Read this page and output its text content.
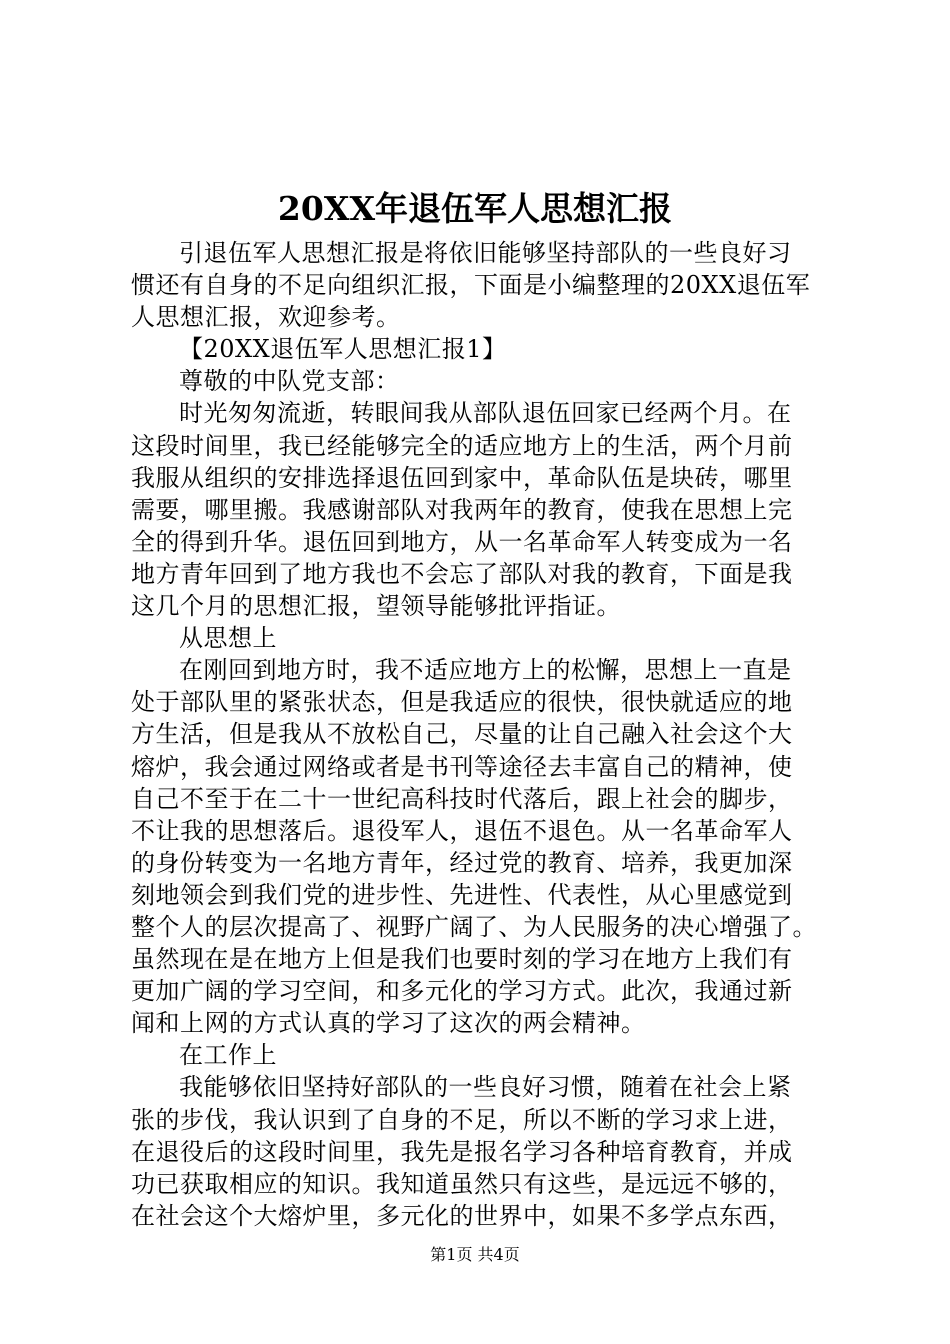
20XX年退伍军人思想汇报
引退伍军人思想汇报是将依旧能够坚持部队的一些良好习
惯还有自身的不足向组织汇报，下面是小编整理的20XX退伍军
人思想汇报，欢迎参考。
【20XX退伍军人思想汇报1】
尊敬的中队党支部：
时光匆匆流逝，转眼间我从部队退伍回家已经两个月。在
这段时间里，我已经能够完全的适应地方上的生活，两个月前
我服从组织的安排选择退伍回到家中，革命队伍是块砖，哪里
需要，哪里搬。我感谢部队对我两年的教育，使我在思想上完
全的得到升华。退伍回到地方，从一名革命军人转变成为一名
地方青年回到了地方我也不会忘了部队对我的教育，下面是我
这几个月的思想汇报，望领导能够批评指证。
从思想上
在刚回到地方时，我不适应地方上的松懈，思想上一直是
处于部队里的紧张状态，但是我适应的很快，很快就适应的地
方生活，但是我从不放松自己，尽量的让自己融入社会这个大
熔炉，我会通过网络或者是书刊等途径去丰富自己的精神，使
自己不至于在二十一世纪高科技时代落后，跟上社会的脚步，
不让我的思想落后。退役军人，退伍不退色。从一名革命军人
的身份转变为一名地方青年，经过党的教育、培养，我更加深
刻地领会到我们党的进步性、先进性、代表性，从心里感觉到
整个人的层次提高了、视野广阔了、为人民服务的决心增强了。
虽然现在是在地方上但是我们也要时刻的学习在地方上我们有
更加广阔的学习空间，和多元化的学习方式。此次，我通过新
闻和上网的方式认真的学习了这次的两会精神。
在工作上
我能够依旧坚持好部队的一些良好习惯，随着在社会上紧
张的步伐，我认识到了自身的不足，所以不断的学习求上进，
在退役后的这段时间里，我先是报名学习各种培育教育，并成
功已获取相应的知识。我知道虽然只有这些，是远远不够的，
在社会这个大熔炉里，多元化的世界中，如果不多学点东西，
第1页 共4页
